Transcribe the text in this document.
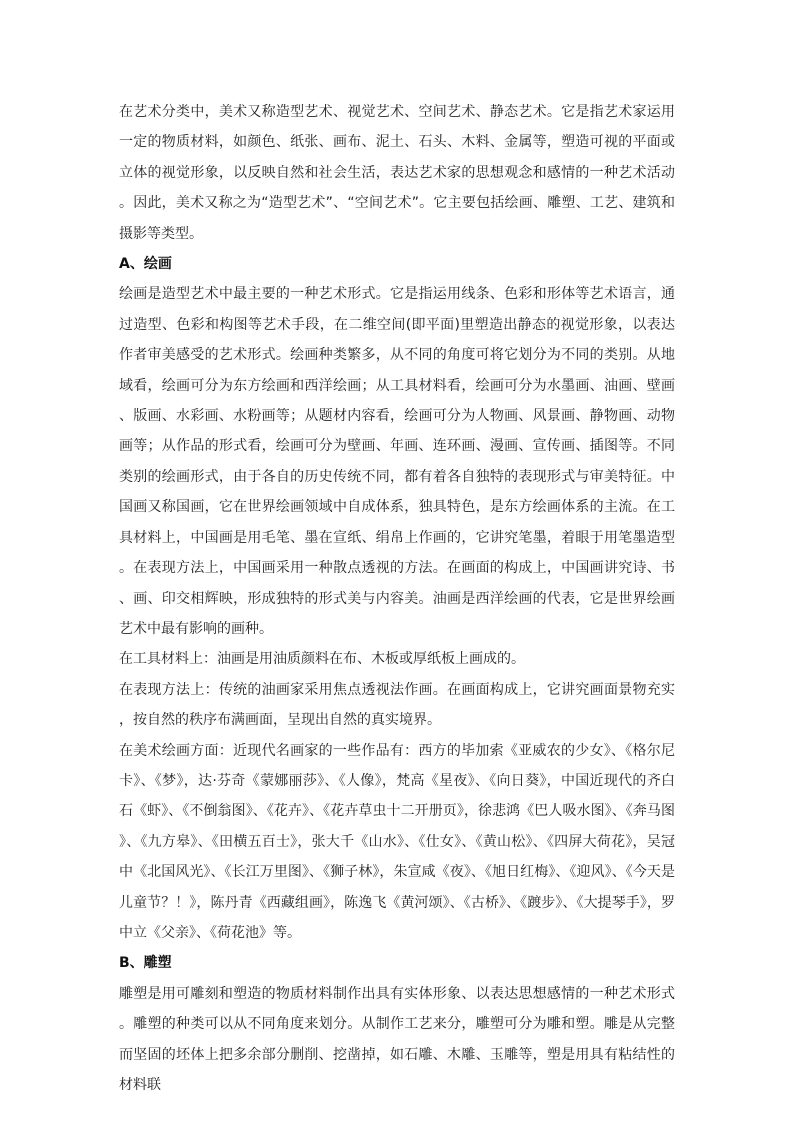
在艺术分类中，美术又称造型艺术、视觉艺术、空间艺术、静态艺术。它是指艺术家运用一定的物质材料，如颜色、纸张、画布、泥土、石头、木料、金属等，塑造可视的平面或立体的视觉形象，以反映自然和社会生活，表达艺术家的思想观念和感情的一种艺术活动。因此，美术又称之为“造型艺术”、“空间艺术”。它主要包括绘画、雕塑、工艺、建筑和摄影等类型。

A、绘画

绘画是造型艺术中最主要的一种艺术形式。它是指运用线条、色彩和形体等艺术语言，通过造型、色彩和构图等艺术手段，在二维空间(即平面)里塑造出静态的视觉形象，以表达作者审美感受的艺术形式。绘画种类繁多，从不同的角度可将它划分为不同的类别。从地域看，绘画可分为东方绘画和西洋绘画；从工具材料看，绘画可分为水墨画、油画、壁画、版画、水彩画、水粉画等；从题材内容看，绘画可分为人物画、风景画、静物画、动物画等；从作品的形式看，绘画可分为壁画、年画、连环画、漫画、宣传画、插图等。不同类别的绘画形式，由于各自的历史传统不同，都有着各自独特的表现形式与审美特征。中国画又称国画，它在世界绘画领域中自成体系，独具特色，是东方绘画体系的主流。在工具材料上，中国画是用毛笔、墨在宣纸、绢帛上作画的，它讲究笔墨，着眼于用笔墨造型。在表现方法上，中国画采用一种散点透视的方法。在画面的构成上，中国画讲究诗、书、画、印交相辉映，形成独特的形式美与内容美。油画是西洋绘画的代表，它是世界绘画艺术中最有影响的画种。

在工具材料上：油画是用油质颜料在布、木板或厚纸板上画成的。

在表现方法上：传统的油画家采用焦点透视法作画。在画面构成上，它讲究画面景物充实，按自然的秩序布满画面，呈现出自然的真实境界。

在美术绘画方面：近现代名画家的一些作品有：西方的毕加索《亚威农的少女》、《格尔尼卡》、《梦》，达·芬奇《蒙娜丽莎》、《人像》，梵高《星夜》、《向日葵》，中国近现代的齐白石《虾》、《不倒翁图》、《花卉》、《花卉草虫十二开册页》，徐悲鸿《巴人吸水图》、《奔马图》、《九方皋》、《田横五百士》，张大千《山水》、《仕女》、《黄山松》、《四屏大荷花》，吴冠中《北国风光》、《长江万里图》、《狮子林》，朱宣咸《夜》、《旭日红梅》、《迎风》、《今天是儿童节？！》，陈丹青《西藏组画》，陈逸飞《黄河颂》、《古桥》、《踱步》、《大提琴手》，罗中立《父亲》、《荷花池》等。

B、雕塑

雕塑是用可雕刻和塑造的物质材料制作出具有实体形象、以表达思想感情的一种艺术形式。雕塑的种类可以从不同角度来划分。从制作工艺来分，雕塑可分为雕和塑。雕是从完整而坚固的坯体上把多余部分删削、挖凿掉，如石雕、木雕、玉雕等，塑是用具有粘结性的材料联
